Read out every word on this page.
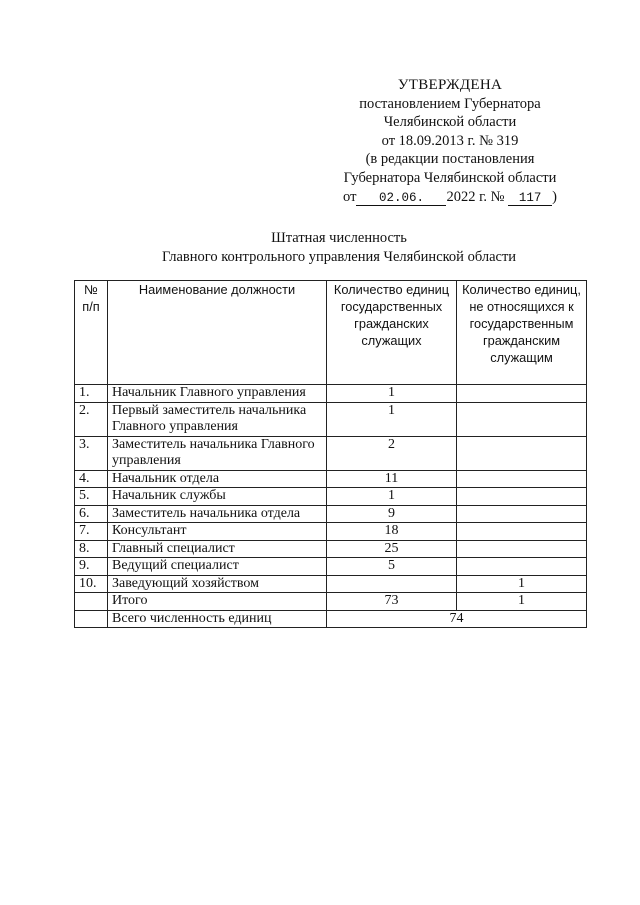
УТВЕРЖДЕНА
постановлением Губернатора
Челябинской области
от 18.09.2013 г. № 319
(в редакции постановления
Губернатора Челябинской области
от 02.06. 2022 г. № 117 )
Штатная численность
Главного контрольного управления Челябинской области
№ п/п	Наименование должности	Количество единиц государственных гражданских служащих	Количество единиц, не относящихся к государственным гражданским служащим
1.	Начальник Главного управления	1	
2.	Первый заместитель начальника Главного управления	1	
3.	Заместитель начальника Главного управления	2	
4.	Начальник отдела	11	
5.	Начальник службы	1	
6.	Заместитель начальника отдела	9	
7.	Консультант	18	
8.	Главный специалист	25	
9.	Ведущий специалист	5	
10.	Заведующий хозяйством		1
	Итого	73	1
	Всего численность единиц	74	
